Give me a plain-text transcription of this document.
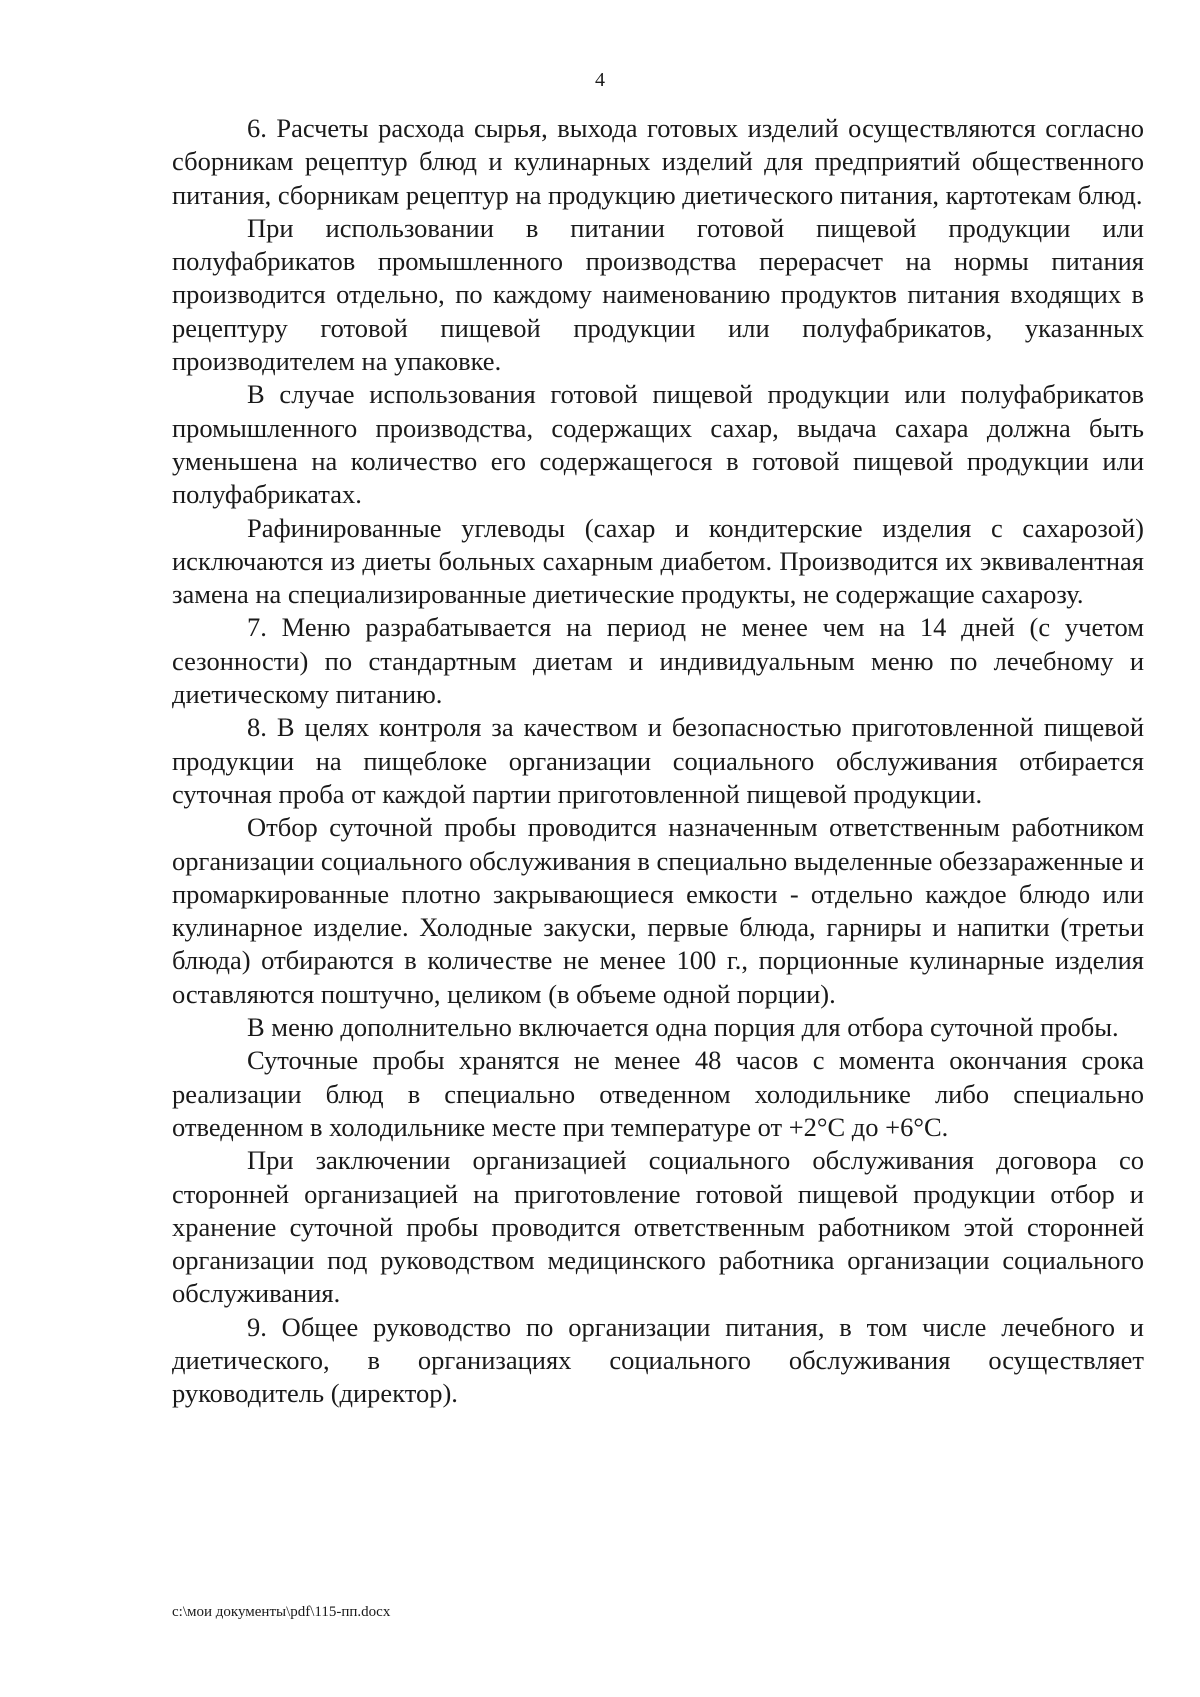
4

6. Расчеты расхода сырья, выхода готовых изделий осуществляются согласно сборникам рецептур блюд и кулинарных изделий для предприятий общественного питания, сборникам рецептур на продукцию диетического питания, картотекам блюд.

При использовании в питании готовой пищевой продукции или полуфабрикатов промышленного производства перерасчет на нормы питания производится отдельно, по каждому наименованию продуктов питания входящих в рецептуру готовой пищевой продукции или полуфабрикатов, указанных производителем на упаковке.

В случае использования готовой пищевой продукции или полуфабрикатов промышленного производства, содержащих сахар, выдача сахара должна быть уменьшена на количество его содержащегося в готовой пищевой продукции или полуфабрикатах.

Рафинированные углеводы (сахар и кондитерские изделия с сахарозой) исключаются из диеты больных сахарным диабетом. Производится их эквивалентная замена на специализированные диетические продукты, не содержащие сахарозу.

7. Меню разрабатывается на период не менее чем на 14 дней (с учетом сезонности) по стандартным диетам и индивидуальным меню по лечебному и диетическому питанию.

8. В целях контроля за качеством и безопасностью приготовленной пищевой продукции на пищеблоке организации социального обслуживания отбирается суточная проба от каждой партии приготовленной пищевой продукции.

Отбор суточной пробы проводится назначенным ответственным работником организации социального обслуживания в специально выделенные обеззараженные и промаркированные плотно закрывающиеся емкости - отдельно каждое блюдо или кулинарное изделие. Холодные закуски, первые блюда, гарниры и напитки (третьи блюда) отбираются в количестве не менее 100 г., порционные кулинарные изделия оставляются поштучно, целиком (в объеме одной порции).

В меню дополнительно включается одна порция для отбора суточной пробы.

Суточные пробы хранятся не менее 48 часов с момента окончания срока реализации блюд в специально отведенном холодильнике либо специально отведенном в холодильнике месте при температуре от +2°С до +6°С.

При заключении организацией социального обслуживания договора со сторонней организацией на приготовление готовой пищевой продукции отбор и хранение суточной пробы проводится ответственным работником этой сторонней организации под руководством медицинского работника организации социального обслуживания.

9. Общее руководство по организации питания, в том числе лечебного и диетического, в организациях социального обслуживания осуществляет руководитель (директор).

c:\мои документы\pdf\115-пп.docx
